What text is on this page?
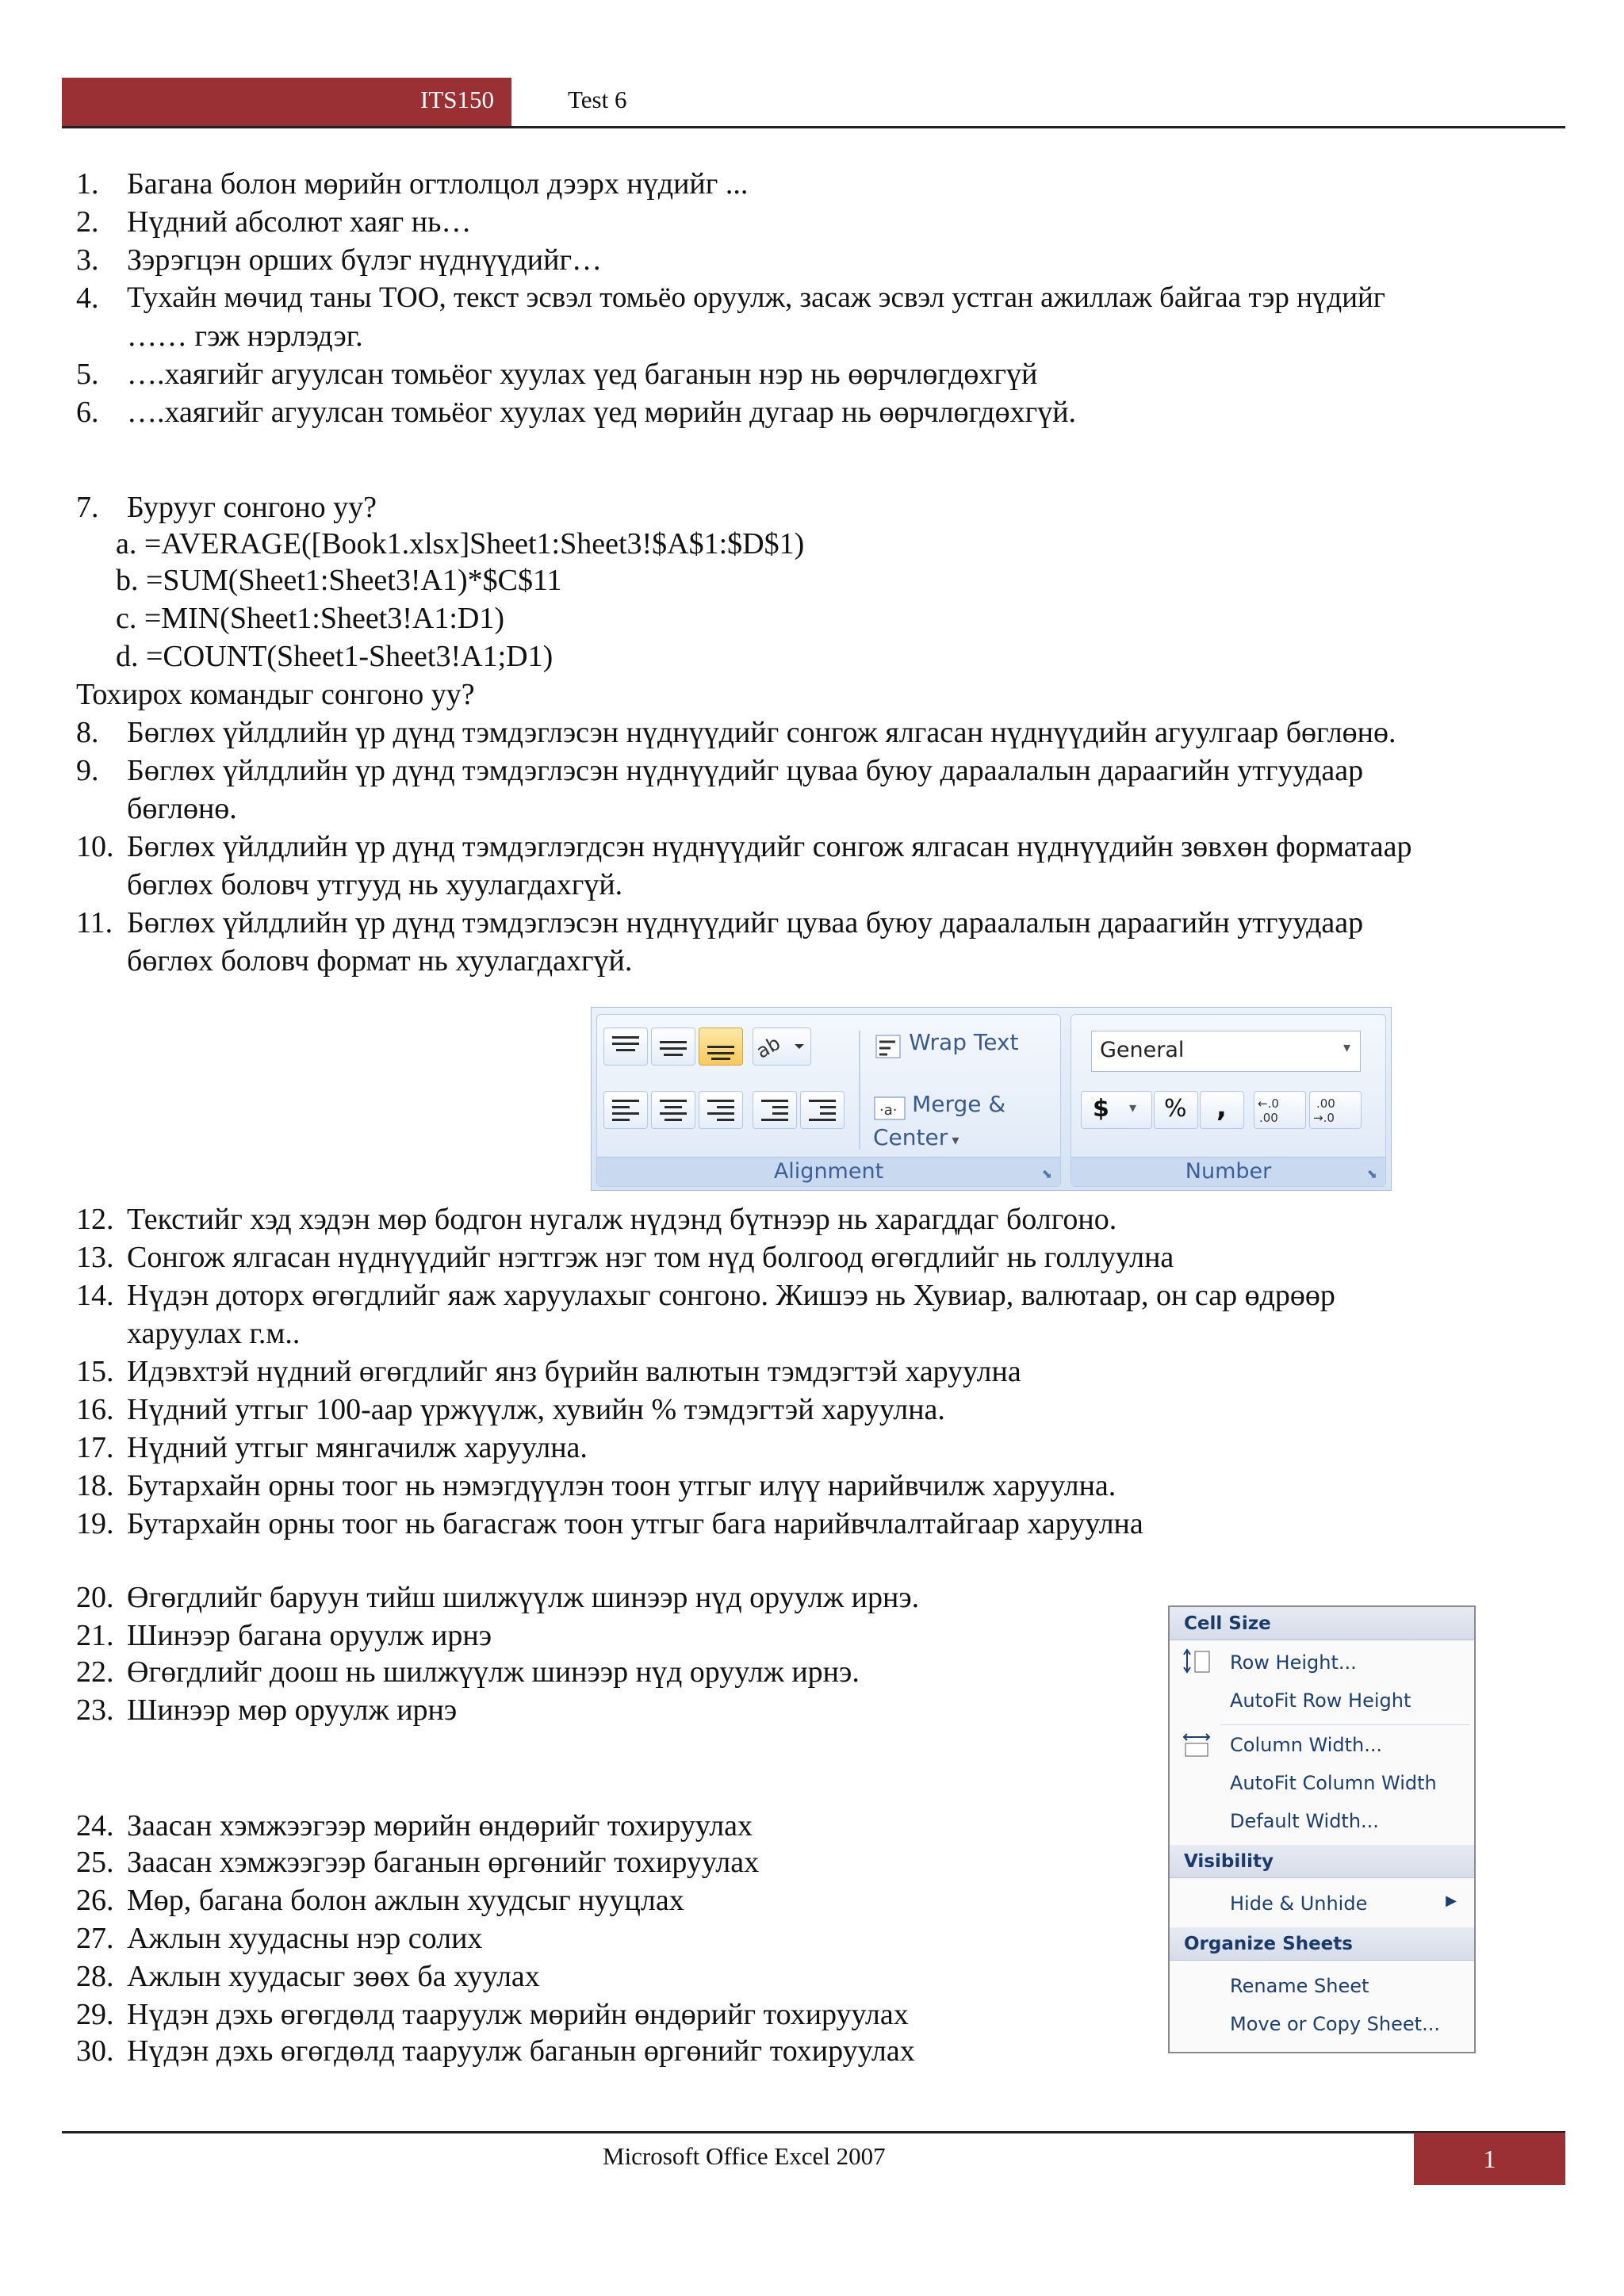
ITS150	Test 6
1. Багана болон мөрийн огтлолцол дээрх нүдийг ...
2. Нүдний абсолют хаяг нь…
3. Зэрэгцэн орших бүлэг нүднүүдийг…
4. Тухайн мөчид таны ТОО, текст эсвэл томьёо оруулж, засаж эсвэл устган ажиллаж байгаа тэр нүдийг
…… гэж нэрлэдэг.
5. ….хаягийг агуулсан томьёог хуулах үед баганын нэр нь өөрчлөгдөхгүй
6. ….хаягийг агуулсан томьёог хуулах үед мөрийн дугаар нь өөрчлөгдөхгүй.
7. Бурууг сонгоно уу?
a. =AVERAGE([Book1.xlsx]Sheet1:Sheet3!$A$1:$D$1)
b. =SUM(Sheet1:Sheet3!A1)*$C$11
c. =MIN(Sheet1:Sheet3!A1:D1)
d. =COUNT(Sheet1-Sheet3!A1;D1)
Тохирох командыг сонгоно уу?
8. Бөглөх үйлдлийн үр дүнд тэмдэглэсэн нүднүүдийг сонгож ялгасан нүднүүдийн агуулгаар бөглөнө.
9. Бөглөх үйлдлийн үр дүнд тэмдэглэсэн нүднүүдийг цуваа буюу дараалалын дараагийн утгуудаар
бөглөнө.
10. Бөглөх үйлдлийн үр дүнд тэмдэглэгдсэн нүднүүдийг сонгож ялгасан нүднүүдийн зөвхөн форматаар
бөглөх боловч утгууд нь хуулагдахгүй.
11. Бөглөх үйлдлийн үр дүнд тэмдэглэсэн нүднүүдийг цуваа буюу дараалалын дараагийн утгуудаар
бөглөх боловч формат нь хуулагдахгүй.
ab	Wrap Text
·a· Merge & Center ▾
Alignment	⬊
General	▾
$ ▾ % ,	←.0
.00
.00
→.0
Number	⬊
12. Текстийг хэд хэдэн мөр бодгон нугалж нүдэнд бүтнээр нь харагддаг болгоно.
13. Сонгож ялгасан нүднүүдийг нэгтгэж нэг том нүд болгоод өгөгдлийг нь голлуулна
14. Нүдэн доторх өгөгдлийг яаж харуулахыг сонгоно. Жишээ нь Хувиар, валютаар, он сар өдрөөр
харуулах г.м..
15. Идэвхтэй нүдний өгөгдлийг янз бүрийн валютын тэмдэгтэй харуулна
16. Нүдний утгыг 100-аар үржүүлж, хувийн % тэмдэгтэй харуулна.
17. Нүдний утгыг мянгачилж харуулна.
18. Бутархайн орны тоог нь нэмэгдүүлэн тоон утгыг илүү нарийвчилж харуулна.
19. Бутархайн орны тоог нь багасгаж тоон утгыг бага нарийвчлалтайгаар харуулна
20. Өгөгдлийг баруун тийш шилжүүлж шинээр нүд оруулж ирнэ.
21. Шинээр багана оруулж ирнэ
22. Өгөгдлийг доош нь шилжүүлж шинээр нүд оруулж ирнэ.
23. Шинээр мөр оруулж ирнэ
24. Заасан хэмжээгээр мөрийн өндөрийг тохируулах
25. Заасан хэмжээгээр баганын өргөнийг тохируулах
26. Мөр, багана болон ажлын хуудсыг нууцлах
27. Ажлын хуудасны нэр солих
28. Ажлын хуудасыг зөөх ба хуулах
29. Нүдэн дэхь өгөгдөлд тааруулж мөрийн өндөрийг тохируулах
30. Нүдэн дэхь өгөгдөлд тааруулж баганын өргөнийг тохируулах
Cell Size
Row Height...
AutoFit Row Height
Column Width...
AutoFit Column Width
Default Width...
Visibility
Hide & Unhide	▶
Organize Sheets
Rename Sheet
Move or Copy Sheet...
Microsoft Office Excel 2007	1
